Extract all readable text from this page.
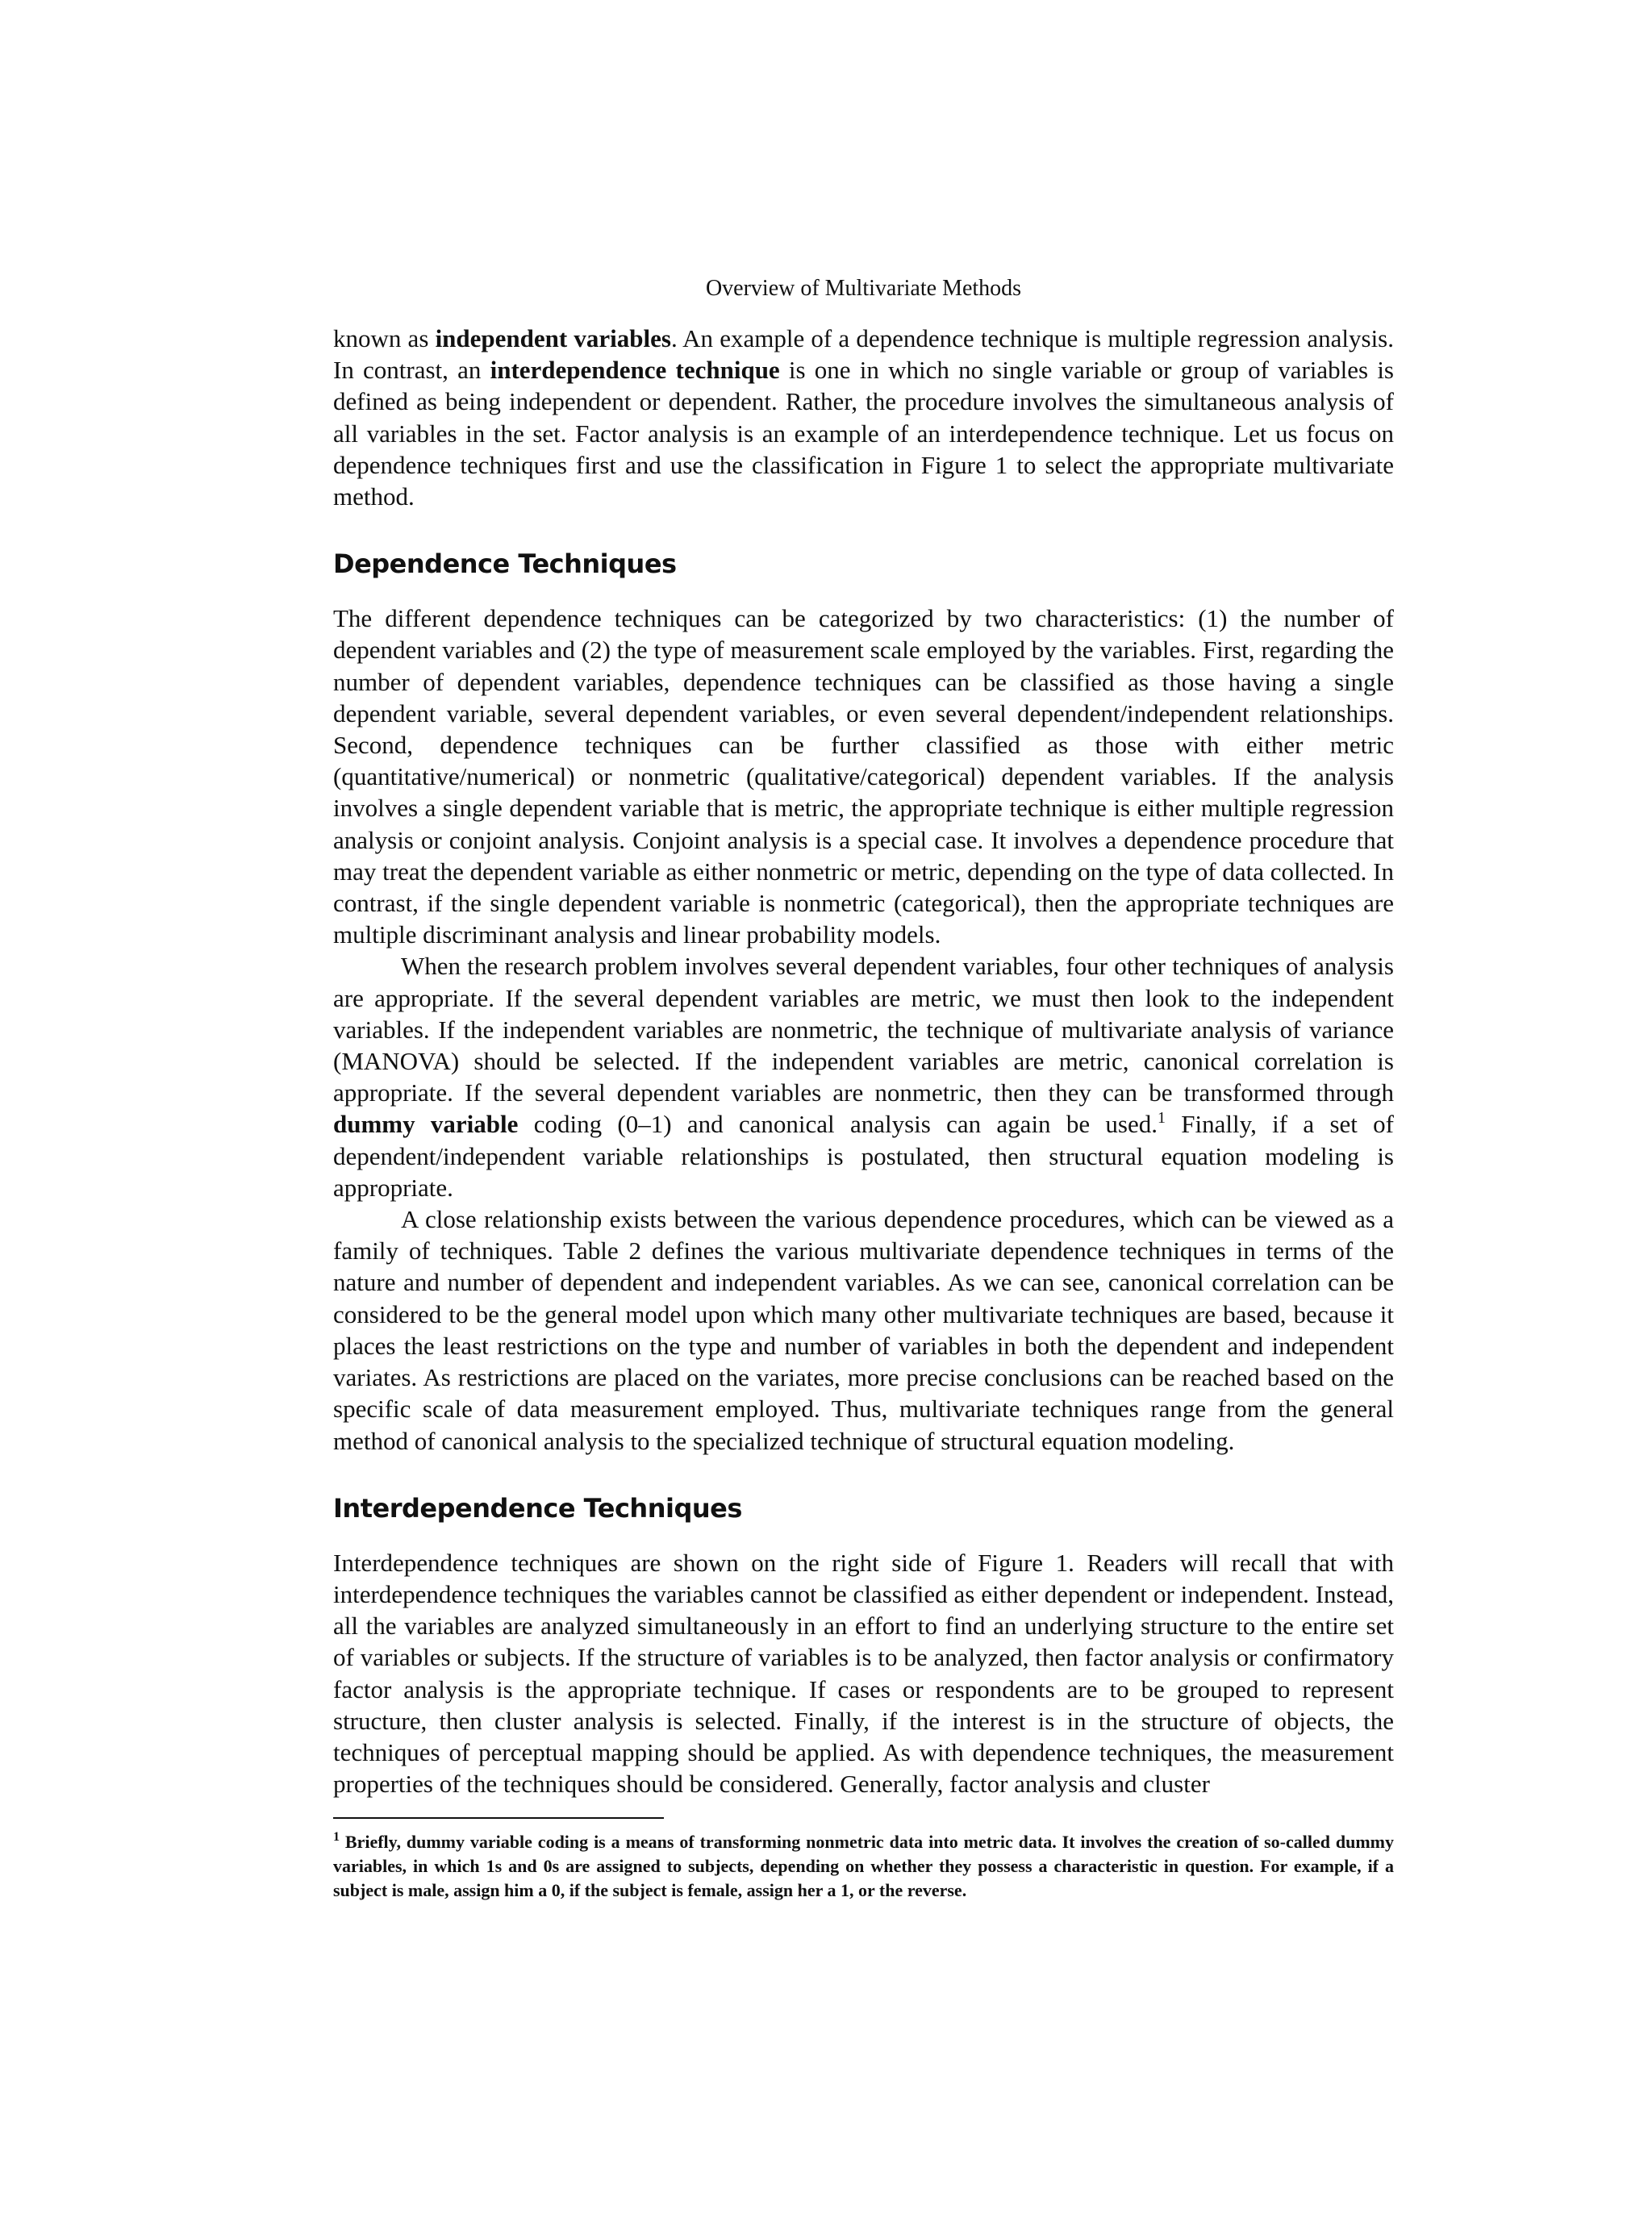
Overview of Multivariate Methods

known as independent variables. An example of a dependence technique is multiple regression analysis. In contrast, an interdependence technique is one in which no single variable or group of variables is defined as being independent or dependent. Rather, the procedure involves the simultaneous analysis of all variables in the set. Factor analysis is an example of an interdependence technique. Let us focus on dependence techniques first and use the classification in Figure 1 to select the appropriate multivariate method.

Dependence Techniques

The different dependence techniques can be categorized by two characteristics: (1) the number of dependent variables and (2) the type of measurement scale employed by the variables. First, regarding the number of dependent variables, dependence techniques can be classified as those having a single dependent variable, several dependent variables, or even several dependent/independent relationships. Second, dependence techniques can be further classified as those with either metric (quantitative/numerical) or nonmetric (qualitative/categorical) dependent variables. If the analysis involves a single dependent variable that is metric, the appropriate technique is either multiple regression analysis or conjoint analysis. Conjoint analysis is a special case. It involves a dependence procedure that may treat the dependent variable as either nonmetric or metric, depending on the type of data collected. In contrast, if the single dependent variable is nonmetric (categorical), then the appropriate techniques are multiple discriminant analysis and linear probability models.

When the research problem involves several dependent variables, four other techniques of analysis are appropriate. If the several dependent variables are metric, we must then look to the independent variables. If the independent variables are nonmetric, the technique of multivariate analysis of variance (MANOVA) should be selected. If the independent variables are metric, canonical correlation is appropriate. If the several dependent variables are nonmetric, then they can be transformed through dummy variable coding (0–1) and canonical analysis can again be used.$^1$ Finally, if a set of dependent/independent variable relationships is postulated, then structural equation modeling is appropriate.

A close relationship exists between the various dependence procedures, which can be viewed as a family of techniques. Table 2 defines the various multivariate dependence techniques in terms of the nature and number of dependent and independent variables. As we can see, canonical correlation can be considered to be the general model upon which many other multivariate techniques are based, because it places the least restrictions on the type and number of variables in both the dependent and independent variates. As restrictions are placed on the variates, more precise conclusions can be reached based on the specific scale of data measurement employed. Thus, multivariate techniques range from the general method of canonical analysis to the specialized technique of structural equation modeling.

Interdependence Techniques

Interdependence techniques are shown on the right side of Figure 1. Readers will recall that with interdependence techniques the variables cannot be classified as either dependent or independent. Instead, all the variables are analyzed simultaneously in an effort to find an underlying structure to the entire set of variables or subjects. If the structure of variables is to be analyzed, then factor analysis or confirmatory factor analysis is the appropriate technique. If cases or respondents are to be grouped to represent structure, then cluster analysis is selected. Finally, if the interest is in the structure of objects, the techniques of perceptual mapping should be applied. As with dependence techniques, the measurement properties of the techniques should be considered. Generally, factor analysis and cluster

$^1$ Briefly, dummy variable coding is a means of transforming nonmetric data into metric data. It involves the creation of so-called dummy variables, in which 1s and 0s are assigned to subjects, depending on whether they possess a characteristic in question. For example, if a subject is male, assign him a 0, if the subject is female, assign her a 1, or the reverse.
